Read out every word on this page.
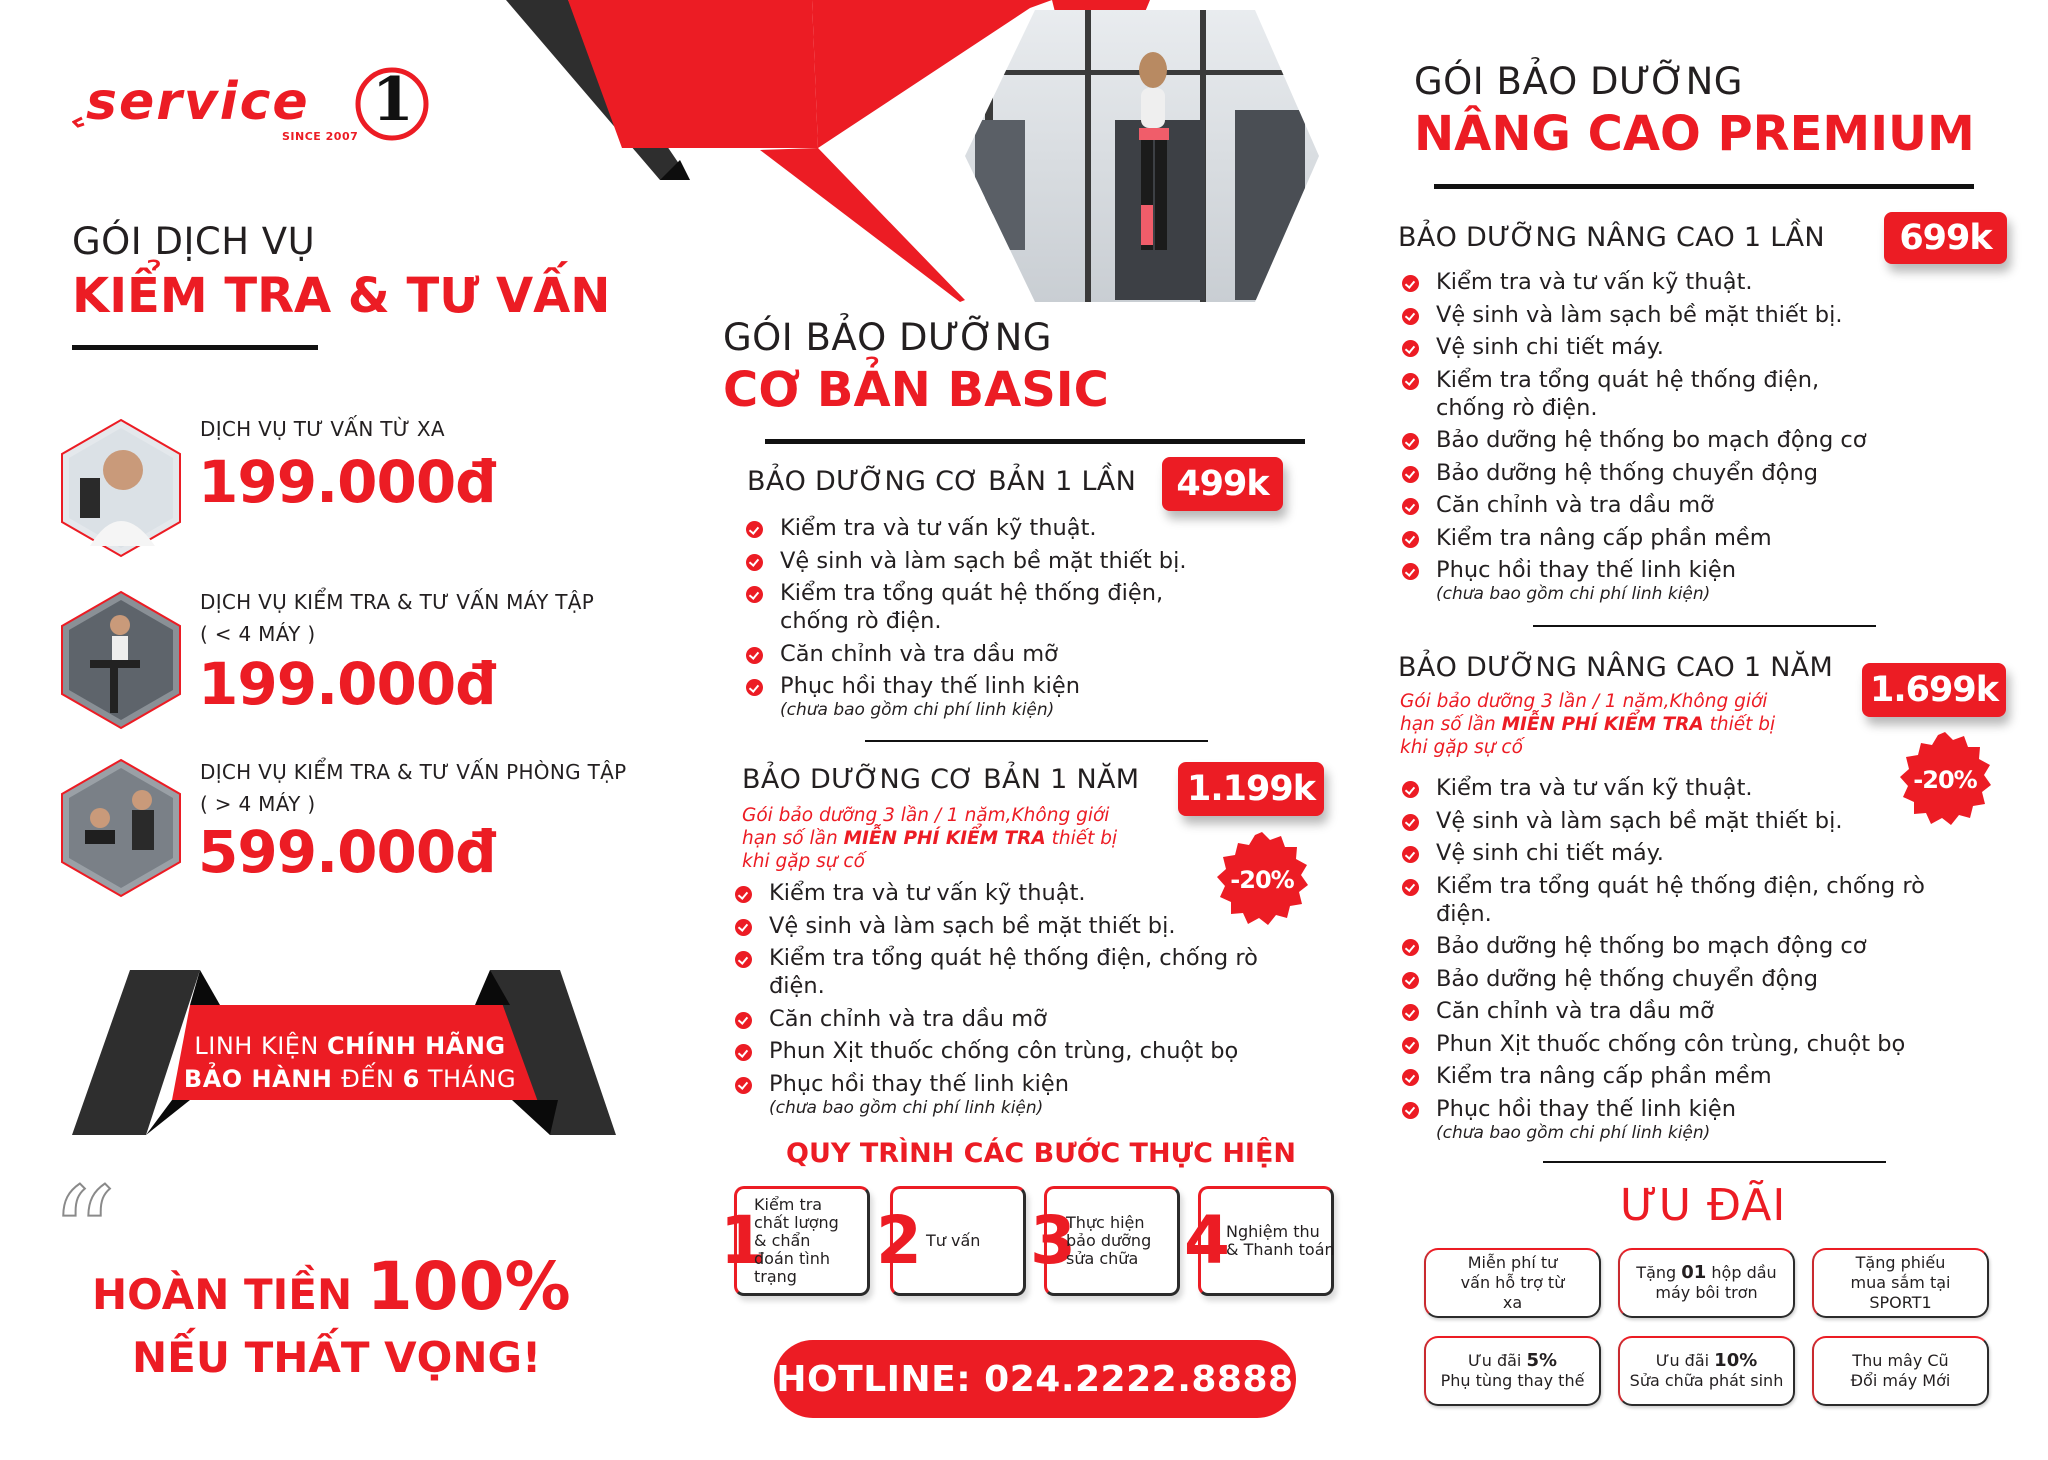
service 1
SINCE 2007
GÓI DỊCH VỤ
KIỂM TRA & TƯ VẤN
DỊCH VỤ TƯ VẤN TỪ XA
199.000đ
DỊCH VỤ KIỂM TRA & TƯ VẤN MÁY TẬP
( < 4 MÁY )
199.000đ
DỊCH VỤ KIỂM TRA & TƯ VẤN PHÒNG TẬP
( > 4 MÁY )
599.000đ
LINH KIỆN CHÍNH HÃNG
BẢO HÀNH ĐẾN 6 THÁNG
“
HOÀN TIỀN 100%
NẾU THẤT VỌNG!
GÓI BẢO DƯỠNG
CƠ BẢN BASIC
BẢO DƯỠNG CƠ BẢN 1 LẦN	499k
Kiểm tra và tư vấn kỹ thuật.
Vệ sinh và làm sạch bề mặt thiết bị.
Kiểm tra tổng quát hệ thống điện, chống rò điện.
Căn chỉnh và tra dầu mỡ
Phục hồi thay thế linh kiện
(chưa bao gồm chi phí linh kiện)
BẢO DƯỠNG CƠ BẢN 1 NĂM 1.199k
Gói bảo dưỡng 3 lần / 1 năm,Không giới hạn số lần MIỄN PHÍ KIỂM TRA thiết bị khi gặp sự cố
-20%
Kiểm tra và tư vấn kỹ thuật.
Vệ sinh và làm sạch bề mặt thiết bị.
Kiểm tra tổng quát hệ thống điện, chống rò điện.
Căn chỉnh và tra dầu mỡ
Phun Xịt thuốc chống côn trùng, chuột bọ
Phục hồi thay thế linh kiện
(chưa bao gồm chi phí linh kiện)
QUY TRÌNH CÁC BƯỚC THỰC HIỆN
1
Kiểm tra chất lượng & chẩn đoán tình trạng	2 Tư vấn 3
Thực hiện bảo dưỡng sửa chữa 4
Nghiệm thu & Thanh toán
HOTLINE: 024.2222.8888
GÓI BẢO DƯỠNG
NÂNG CAO PREMIUM
BẢO DƯỠNG NÂNG CAO 1 LẦN	699k
Kiểm tra và tư vấn kỹ thuật.
Vệ sinh và làm sạch bề mặt thiết bị.
Vệ sinh chi tiết máy.
Kiểm tra tổng quát hệ thống điện, chống rò điện.
Bảo dưỡng hệ thống bo mạch động cơ
Bảo dưỡng hệ thống chuyển động
Căn chỉnh và tra dầu mỡ
Kiểm tra nâng cấp phần mềm
Phục hồi thay thế linh kiện
(chưa bao gồm chi phí linh kiện)
BẢO DƯỠNG NÂNG CAO 1 NĂM
1.699k
Gói bảo dưỡng 3 lần / 1 năm,Không giới hạn số lần MIỄN PHÍ KIỂM TRA thiết bị khi gặp sự cố
-20%
Kiểm tra và tư vấn kỹ thuật.
Vệ sinh và làm sạch bề mặt thiết bị.
Vệ sinh chi tiết máy.
Kiểm tra tổng quát hệ thống điện, chống rò điện.
Bảo dưỡng hệ thống bo mạch động cơ
Bảo dưỡng hệ thống chuyển động
Căn chỉnh và tra dầu mỡ
Phun Xịt thuốc chống côn trùng, chuột bọ
Kiểm tra nâng cấp phần mềm
Phục hồi thay thế linh kiện
(chưa bao gồm chi phí linh kiện)
ƯU ĐÃI
Miễn phí tư vấn hỗ trợ từ xa
Tặng 01 hộp dầu máy bôi trơn
Tặng phiếu mua sắm tại SPORT1
Ưu đãi 5%
Phụ tùng thay thế
Ưu đãi 10%
Sửa chữa phát sinh
Thu mây Cũ Đổi máy Mới
